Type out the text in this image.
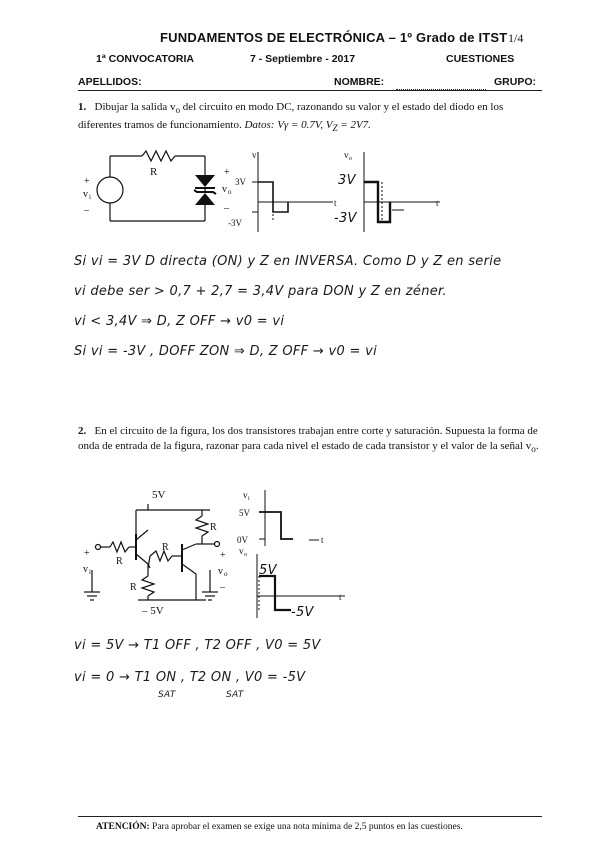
FUNDAMENTOS DE ELECTRÓNICA – 1º Grado de ITST 1/4
1ª CONVOCATORIA	7 - Septiembre - 2017	CUESTIONES
APELLIDOS:	NOMBRE:	GRUPO:
1. Dibujar la salida $v_o$ del circuito en modo DC, razonando su valor y el estado del diodo en los diferentes tramos de funcionamiento. Datos: Vγ = 0.7V, $V_Z = 2V7$.
R
+
v i
–
+
v o
–
v i
3V
-3V
t
v o
3V
-3V
t
Si vi = 3V D directa (ON) y Z en INVERSA. Como D y Z en serie
vi debe ser > 0,7 + 2,7 = 3,4V para DON y Z en zéner.
vi < 3,4V ⇒ D, Z OFF → v0 = vi
Si vi = -3V , DOFF ZON ⇒ D, Z OFF → v0 = vi
2. En el circuito de la figura, los dos transistores trabajan entre corte y saturación. Supuesta la forma de onda de entrada de la figura, razonar para cada nivel el estado de cada transistor y el valor de la señal $v_o$.
5V
– 5V
R
R
R
R
+
v i
+
v o
–
v i
5V
0V	t
v o
5V
-5V
t
vi = 5V → T1 OFF , T2 OFF , V0 = 5V
vi = 0 → T1 ON , T2 ON , V0 = -5V
SAT	SAT
ATENCIÓN: Para aprobar el examen se exige una nota mínima de 2,5 puntos en las cuestiones.
